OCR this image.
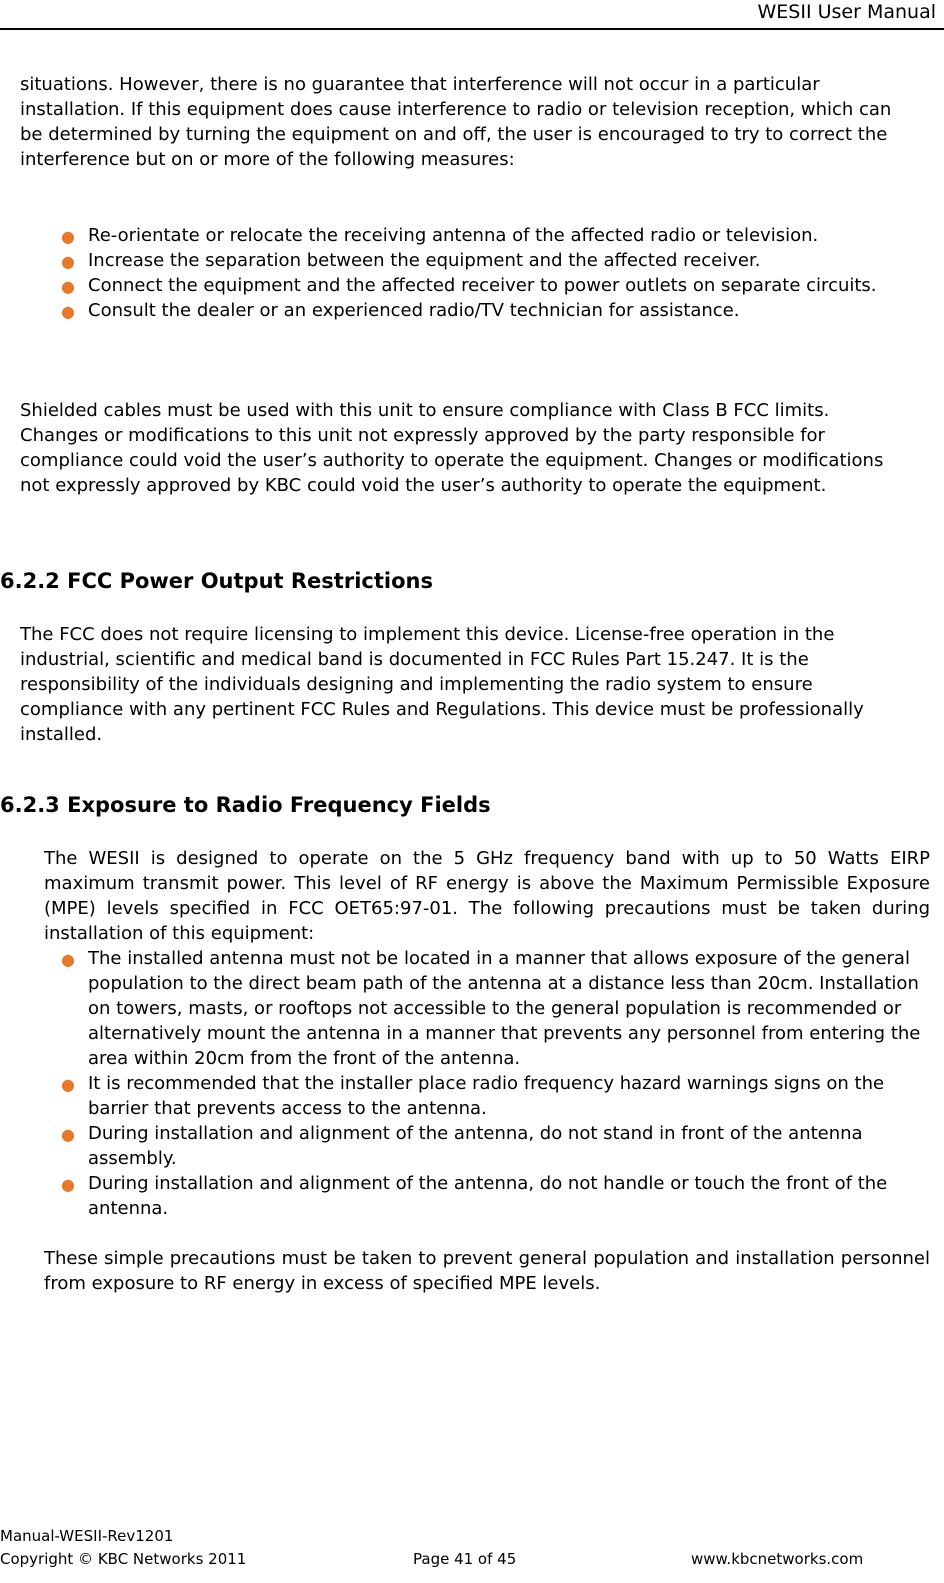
WESII User Manual

situations. However, there is no guarantee that interference will not occur in a particular installation. If this equipment does cause interference to radio or television reception, which can be determined by turning the equipment on and off, the user is encouraged to try to correct the interference but on or more of the following measures:

● Re-orientate or relocate the receiving antenna of the affected radio or television.
● Increase the separation between the equipment and the affected receiver.
● Connect the equipment and the affected receiver to power outlets on separate circuits.
● Consult the dealer or an experienced radio/TV technician for assistance.

Shielded cables must be used with this unit to ensure compliance with Class B FCC limits. Changes or modifications to this unit not expressly approved by the party responsible for compliance could void the user’s authority to operate the equipment. Changes or modifications not expressly approved by KBC could void the user’s authority to operate the equipment.

6.2.2 FCC Power Output Restrictions

The FCC does not require licensing to implement this device. License-free operation in the industrial, scientific and medical band is documented in FCC Rules Part 15.247. It is the responsibility of the individuals designing and implementing the radio system to ensure compliance with any pertinent FCC Rules and Regulations. This device must be professionally installed.

6.2.3 Exposure to Radio Frequency Fields

The WESII is designed to operate on the 5 GHz frequency band with up to 50 Watts EIRP maximum transmit power. This level of RF energy is above the Maximum Permissible Exposure (MPE) levels specified in FCC OET65:97-01. The following precautions must be taken during installation of this equipment:

● The installed antenna must not be located in a manner that allows exposure of the general population to the direct beam path of the antenna at a distance less than 20cm. Installation on towers, masts, or rooftops not accessible to the general population is recommended or alternatively mount the antenna in a manner that prevents any personnel from entering the area within 20cm from the front of the antenna.
● It is recommended that the installer place radio frequency hazard warnings signs on the barrier that prevents access to the antenna.
● During installation and alignment of the antenna, do not stand in front of the antenna assembly.
● During installation and alignment of the antenna, do not handle or touch the front of the antenna.

These simple precautions must be taken to prevent general population and installation personnel from exposure to RF energy in excess of specified MPE levels.

Manual-WESII-Rev1201
Copyright © KBC Networks 2011	Page 41 of 45	www.kbcnetworks.com
